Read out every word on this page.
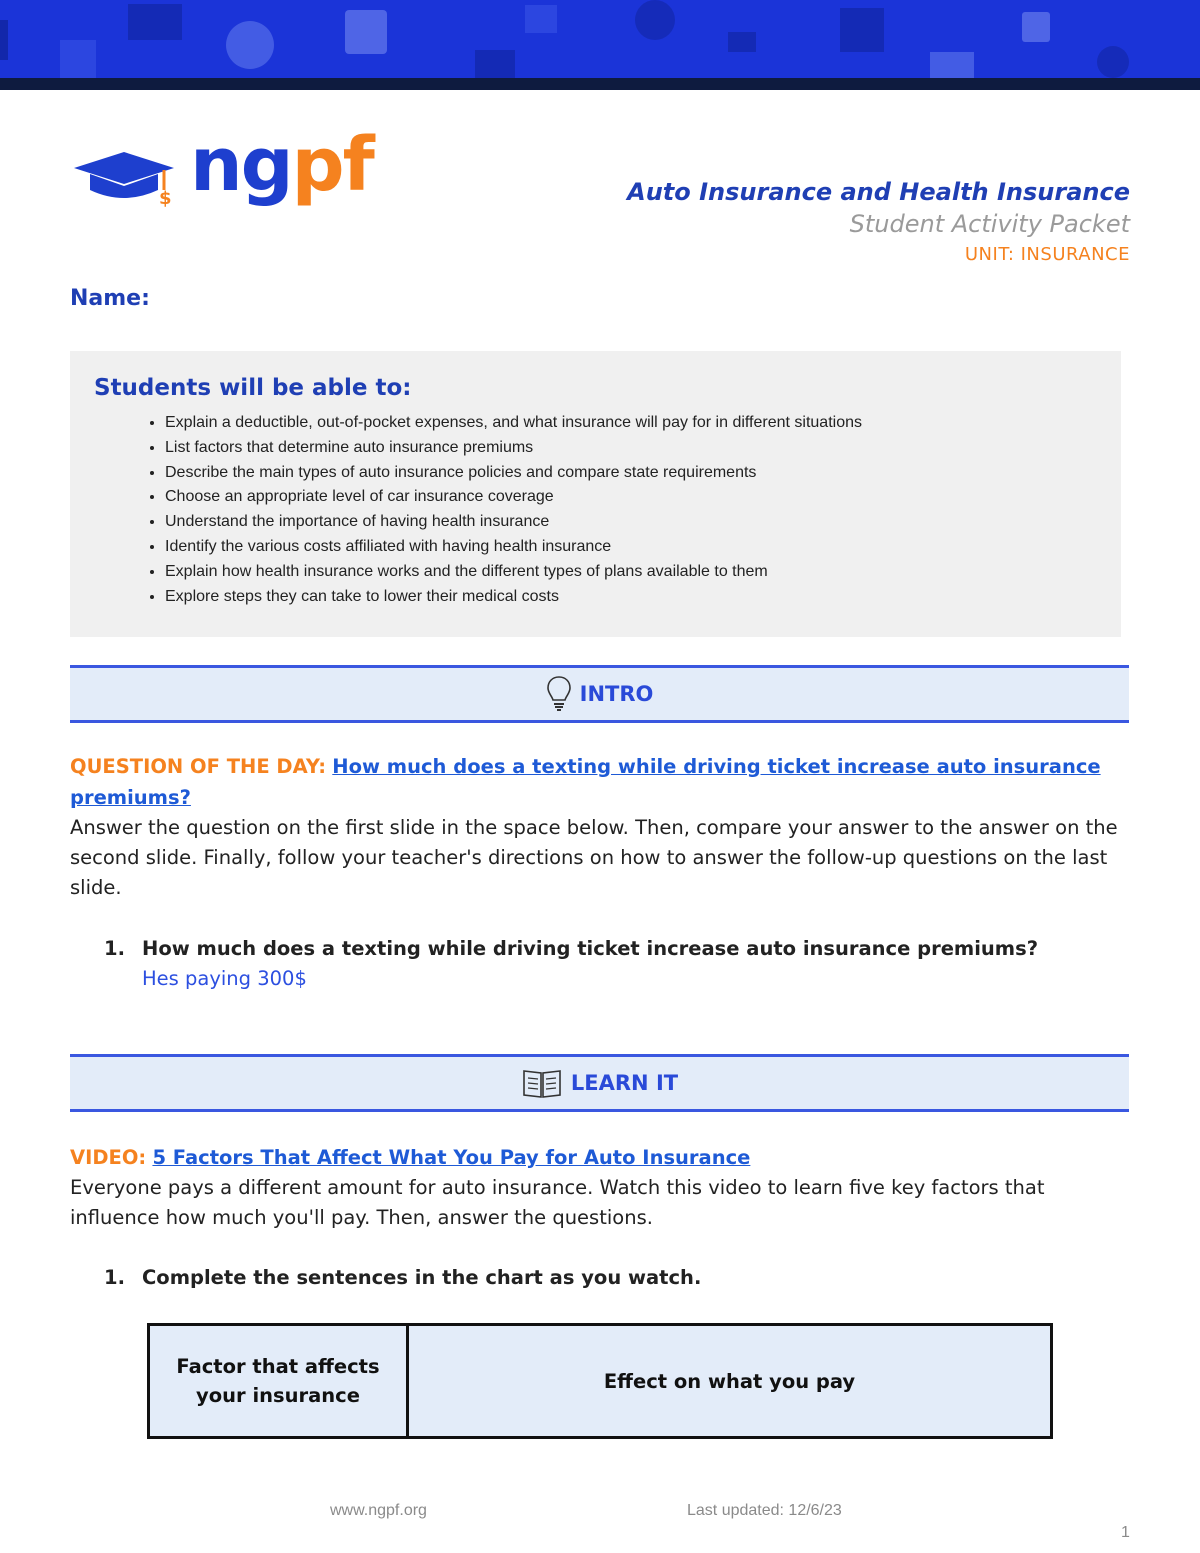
$ ngpf	Auto Insurance and Health Insurance

Student Activity Packet

UNIT: INSURANCE

Name:
Students will be able to:
• Explain a deductible, out-of-pocket expenses, and what insurance will pay for in different situations
• List factors that determine auto insurance premiums
• Describe the main types of auto insurance policies and compare state requirements
• Choose an appropriate level of car insurance coverage
• Understand the importance of having health insurance
• Identify the various costs affiliated with having health insurance
• Explain how health insurance works and the different types of plans available to them
• Explore steps they can take to lower their medical costs
INTRO
QUESTION OF THE DAY: How much does a texting while driving ticket increase auto insurance premiums?
Answer the question on the first slide in the space below. Then, compare your answer to the answer on the second slide. Finally, follow your teacher's directions on how to answer the follow-up questions on the last slide.
1. How much does a texting while driving ticket increase auto insurance premiums?
Hes paying 300$
LEARN IT
VIDEO: 5 Factors That Affect What You Pay for Auto Insurance
Everyone pays a different amount for auto insurance. Watch this video to learn five key factors that influence how much you'll pay. Then, answer the questions.
1. Complete the sentences in the chart as you watch.
Factor that affects your insurance	Effect on what you pay
www.ngpf.org	Last updated: 12/6/23
1
